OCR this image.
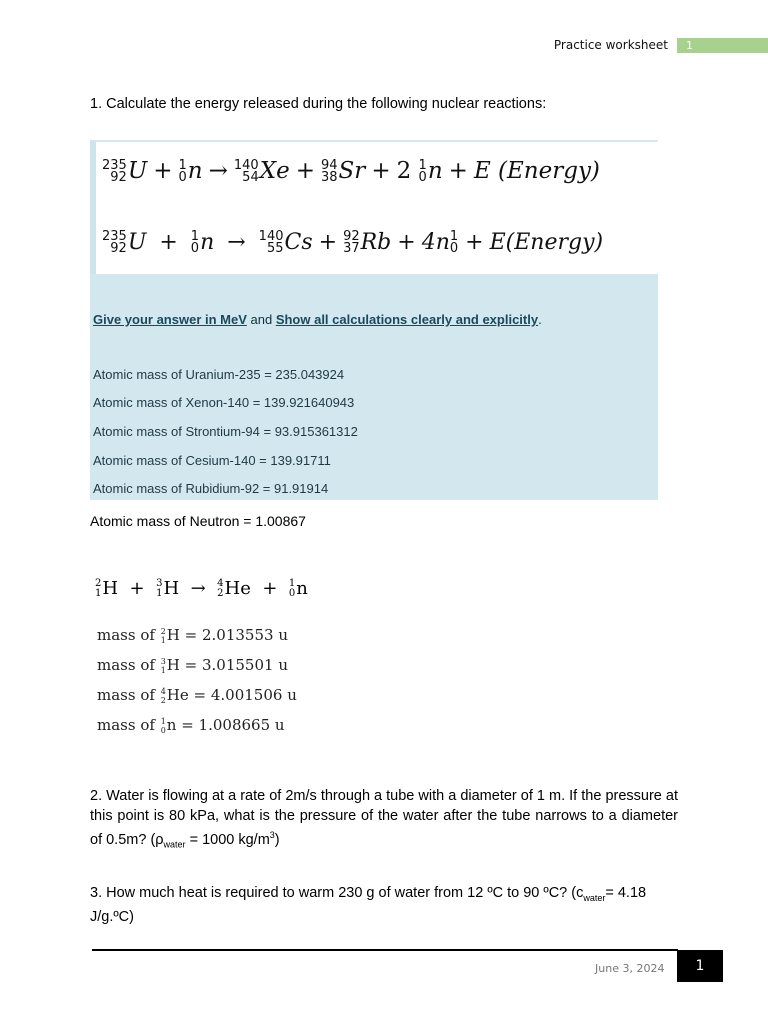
Practice worksheet 1
1. Calculate the energy released during the following nuclear reactions:
235
92 U + 1
0 n → 140
54 Xe + 94
38 Sr + 2 1
0 n + E (Energy)
235
92 U + 1
0 n → 140
55 Cs + 92
37 Rb + 4n 1
0 + E(Energy)
Give your answer in MeV and Show all calculations clearly and explicitly.
Atomic mass of Uranium-235 = 235.043924
Atomic mass of Xenon-140 = 139.921640943
Atomic mass of Strontium-94 = 93.915361312
Atomic mass of Cesium-140 = 139.91711
Atomic mass of Rubidium-92 = 91.91914
Atomic mass of Neutron = 1.00867
2
1 H + 3
1 H → 4
2 He + 1
0 n
mass of 2
1 H = 2.013553 u
mass of 3
1 H = 3.015501 u
mass of 4
2 He = 4.001506 u
mass of 1
0 n = 1.008665 u
2. Water is flowing at a rate of 2m/s through a tube with a diameter of 1 m. If the pressure at this point is 80 kPa, what is the pressure of the water after the tube narrows to a diameter of 0.5m? ($\rho_{water} = 1000$ $kg/m^3$)
3. How much heat is required to warm 230 g of water from 12 ºC to 90 ºC? ($c_{water}= 4.18$ J/g.ºC)
June 3, 2024	1
